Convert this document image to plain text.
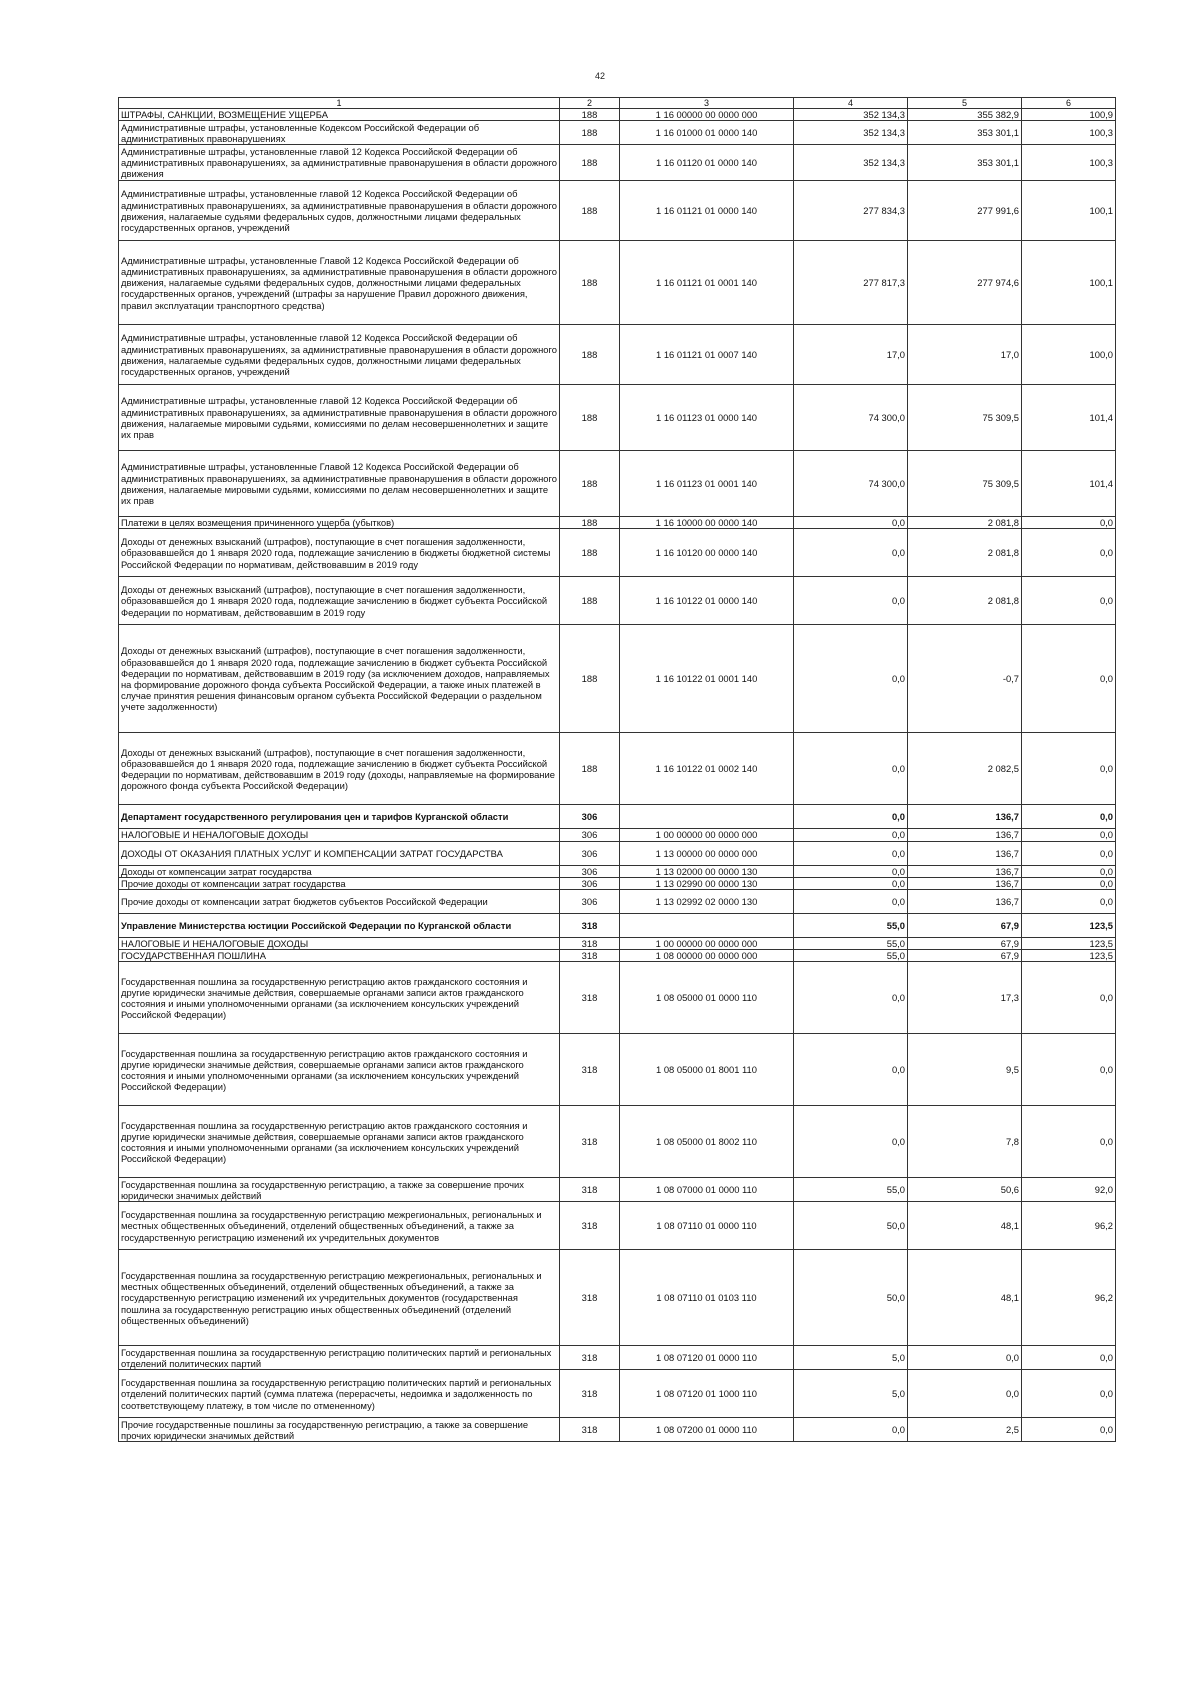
42
1	2	3	4	5	6
ШТРАФЫ, САНКЦИИ, ВОЗМЕЩЕНИЕ УЩЕРБА	188	1 16 00000 00 0000 000	352 134,3	355 382,9	100,9
Административные штрафы, установленные Кодексом Российской Федерации об административных правонарушениях	188	1 16 01000 01 0000 140	352 134,3	353 301,1	100,3
Административные штрафы, установленные главой 12 Кодекса Российской Федерации об административных правонарушениях, за административные правонарушения в области дорожного движения	188	1 16 01120 01 0000 140	352 134,3	353 301,1	100,3
Административные штрафы, установленные главой 12 Кодекса Российской Федерации об административных правонарушениях, за административные правонарушения в области дорожного движения, налагаемые судьями федеральных судов, должностными лицами федеральных государственных органов, учреждений	188	1 16 01121 01 0000 140	277 834,3	277 991,6	100,1
Административные штрафы, установленные Главой 12 Кодекса Российской Федерации об административных правонарушениях, за административные правонарушения в области дорожного движения, налагаемые судьями федеральных судов, должностными лицами федеральных государственных органов, учреждений (штрафы за нарушение Правил дорожного движения, правил эксплуатации транспортного средства)	188	1 16 01121 01 0001 140	277 817,3	277 974,6	100,1
Административные штрафы, установленные главой 12 Кодекса Российской Федерации об административных правонарушениях, за административные правонарушения в области дорожного движения, налагаемые судьями федеральных судов, должностными лицами федеральных государственных органов, учреждений	188	1 16 01121 01 0007 140	17,0	17,0	100,0
Административные штрафы, установленные главой 12 Кодекса Российской Федерации об административных правонарушениях, за административные правонарушения в области дорожного движения, налагаемые мировыми судьями, комиссиями по делам несовершеннолетних и защите их прав	188	1 16 01123 01 0000 140	74 300,0	75 309,5	101,4
Административные штрафы, установленные Главой 12 Кодекса Российской Федерации об административных правонарушениях, за административные правонарушения в области дорожного движения, налагаемые мировыми судьями, комиссиями по делам несовершеннолетних и защите их прав	188	1 16 01123 01 0001 140	74 300,0	75 309,5	101,4
Платежи в целях возмещения причиненного ущерба (убытков)	188	1 16 10000 00 0000 140	0,0	2 081,8	0,0
Доходы от денежных взысканий (штрафов), поступающие в счет погашения задолженности, образовавшейся до 1 января 2020 года, подлежащие зачислению в бюджеты бюджетной системы Российской Федерации по нормативам, действовавшим в 2019 году	188	1 16 10120 00 0000 140	0,0	2 081,8	0,0
Доходы от денежных взысканий (штрафов), поступающие в счет погашения задолженности, образовавшейся до 1 января 2020 года, подлежащие зачислению в бюджет субъекта Российской Федерации по нормативам, действовавшим в 2019 году	188	1 16 10122 01 0000 140	0,0	2 081,8	0,0
Доходы от денежных взысканий (штрафов), поступающие в счет погашения задолженности, образовавшейся до 1 января 2020 года, подлежащие зачислению в бюджет субъекта Российской Федерации по нормативам, действовавшим в 2019 году (за исключением доходов, направляемых на формирование дорожного фонда субъекта Российской Федерации, а также иных платежей в случае принятия решения финансовым органом субъекта Российской Федерации о раздельном учете задолженности)	188	1 16 10122 01 0001 140	0,0	-0,7	0,0
Доходы от денежных взысканий (штрафов), поступающие в счет погашения задолженности, образовавшейся до 1 января 2020 года, подлежащие зачислению в бюджет субъекта Российской Федерации по нормативам, действовавшим в 2019 году (доходы, направляемые на формирование дорожного фонда субъекта Российской Федерации)	188	1 16 10122 01 0002 140	0,0	2 082,5	0,0
Департамент государственного регулирования цен и тарифов Курганской области	306		0,0	136,7	0,0
НАЛОГОВЫЕ И НЕНАЛОГОВЫЕ ДОХОДЫ	306	1 00 00000 00 0000 000	0,0	136,7	0,0
ДОХОДЫ ОТ ОКАЗАНИЯ ПЛАТНЫХ УСЛУГ И КОМПЕНСАЦИИ ЗАТРАТ ГОСУДАРСТВА	306	1 13 00000 00 0000 000	0,0	136,7	0,0
Доходы от компенсации затрат государства	306	1 13 02000 00 0000 130	0,0	136,7	0,0
Прочие доходы от компенсации затрат государства	306	1 13 02990 00 0000 130	0,0	136,7	0,0
Прочие доходы от компенсации затрат бюджетов субъектов Российской Федерации	306	1 13 02992 02 0000 130	0,0	136,7	0,0
Управление Министерства юстиции Российской Федерации по Курганской области	318		55,0	67,9	123,5
НАЛОГОВЫЕ И НЕНАЛОГОВЫЕ ДОХОДЫ	318	1 00 00000 00 0000 000	55,0	67,9	123,5
ГОСУДАРСТВЕННАЯ ПОШЛИНА	318	1 08 00000 00 0000 000	55,0	67,9	123,5
Государственная пошлина за государственную регистрацию актов гражданского состояния и другие юридически значимые действия, совершаемые органами записи актов гражданского состояния и иными уполномоченными органами (за исключением консульских учреждений Российской Федерации)	318	1 08 05000 01 0000 110	0,0	17,3	0,0
Государственная пошлина за государственную регистрацию актов гражданского состояния и другие юридически значимые действия, совершаемые органами записи актов гражданского состояния и иными уполномоченными органами (за исключением консульских учреждений Российской Федерации)	318	1 08 05000 01 8001 110	0,0	9,5	0,0
Государственная пошлина за государственную регистрацию актов гражданского состояния и другие юридически значимые действия, совершаемые органами записи актов гражданского состояния и иными уполномоченными органами (за исключением консульских учреждений Российской Федерации)	318	1 08 05000 01 8002 110	0,0	7,8	0,0
Государственная пошлина за государственную регистрацию, а также за совершение прочих юридически значимых действий	318	1 08 07000 01 0000 110	55,0	50,6	92,0
Государственная пошлина за государственную регистрацию межрегиональных, региональных и местных общественных объединений, отделений общественных объединений, а также за государственную регистрацию изменений их учредительных документов	318	1 08 07110 01 0000 110	50,0	48,1	96,2
Государственная пошлина за государственную регистрацию межрегиональных, региональных и местных общественных объединений, отделений общественных объединений, а также за государственную регистрацию изменений их учредительных документов (государственная пошлина за государственную регистрацию иных общественных объединений (отделений общественных объединений)	318	1 08 07110 01 0103 110	50,0	48,1	96,2
Государственная пошлина за государственную регистрацию политических партий и региональных отделений политических партий	318	1 08 07120 01 0000 110	5,0	0,0	0,0
Государственная пошлина за государственную регистрацию политических партий и региональных отделений политических партий (сумма платежа (перерасчеты, недоимка и задолженность по соответствующему платежу, в том числе по отмененному)	318	1 08 07120 01 1000 110	5,0	0,0	0,0
Прочие государственные пошлины за государственную регистрацию, а также за совершение прочих юридически значимых действий	318	1 08 07200 01 0000 110	0,0	2,5	0,0
